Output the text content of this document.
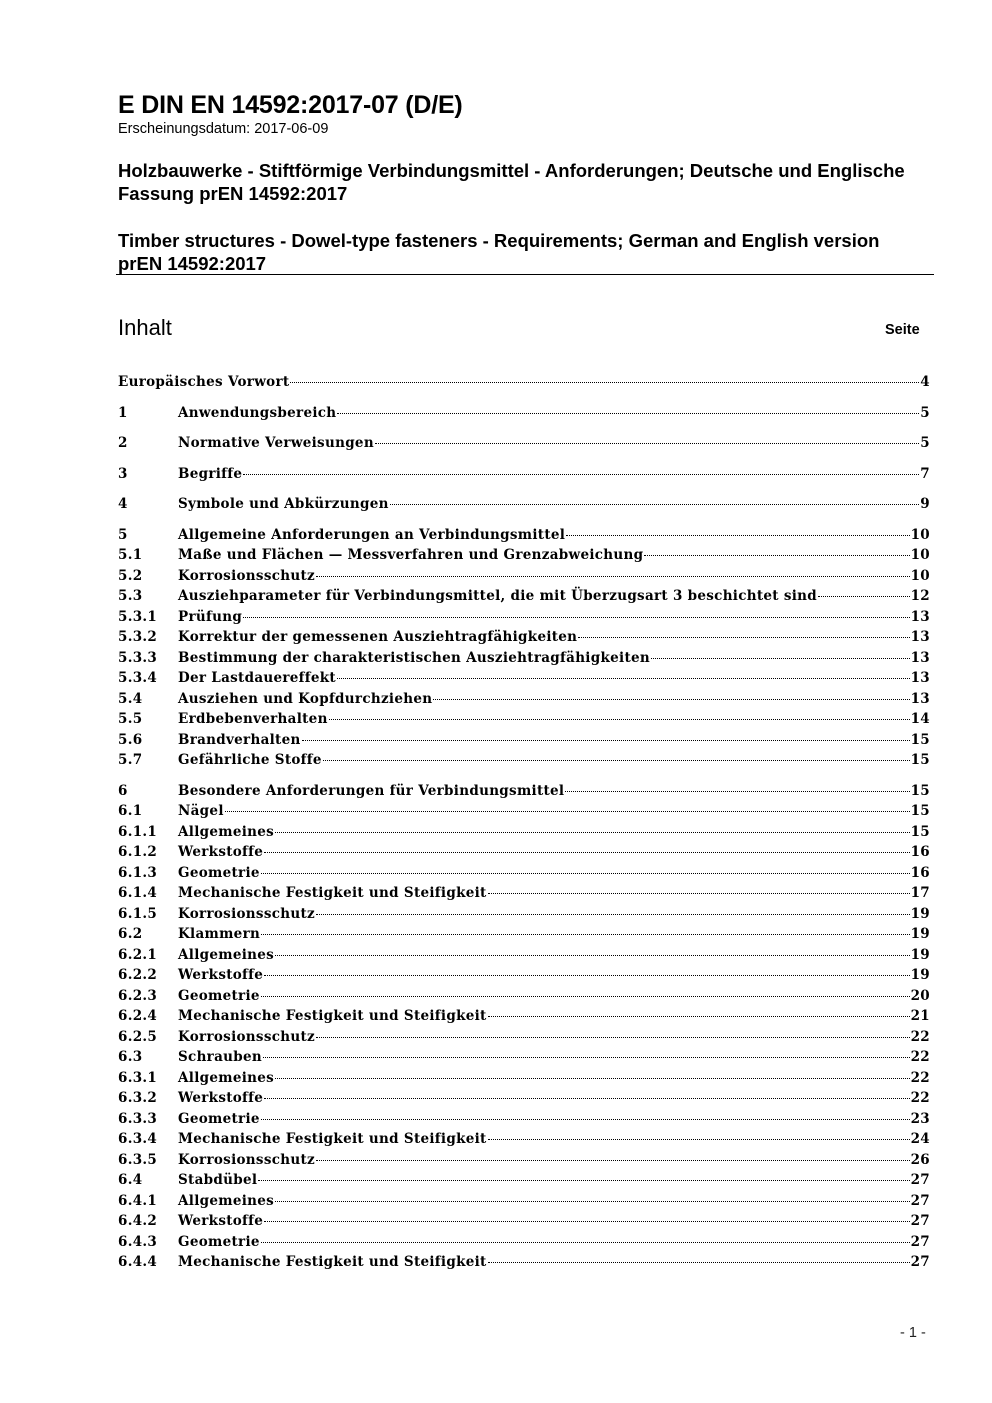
E DIN EN 14592:2017-07 (D/E)
Erscheinungsdatum: 2017-06-09
Holzbauwerke - Stiftförmige Verbindungsmittel - Anforderungen; Deutsche und Englische Fassung prEN 14592:2017
Timber structures - Dowel-type fasteners - Requirements; German and English version prEN 14592:2017
Inhalt	Seite
Europäisches Vorwort	4
1	Anwendungsbereich	5
2	Normative Verweisungen	5
3	Begriffe	7
4	Symbole und Abkürzungen	9
5	Allgemeine Anforderungen an Verbindungsmittel	10
5.1	Maße und Flächen — Messverfahren und Grenzabweichung	10
5.2	Korrosionsschutz	10
5.3	Ausziehparameter für Verbindungsmittel, die mit Überzugsart 3 beschichtet sind	12
5.3.1 Prüfung	13
5.3.2 Korrektur der gemessenen Ausziehtragfähigkeiten	13
5.3.3 Bestimmung der charakteristischen Ausziehtragfähigkeiten	13
5.3.4 Der Lastdauereffekt	13
5.4	Ausziehen und Kopfdurchziehen	13
5.5	Erdbebenverhalten	14
5.6	Brandverhalten	15
5.7	Gefährliche Stoffe	15
6	Besondere Anforderungen für Verbindungsmittel	15
6.1	Nägel	15
6.1.1 Allgemeines	15
6.1.2 Werkstoffe	16
6.1.3 Geometrie	16
6.1.4 Mechanische Festigkeit und Steifigkeit	17
6.1.5 Korrosionsschutz	19
6.2	Klammern	19
6.2.1 Allgemeines	19
6.2.2 Werkstoffe	19
6.2.3 Geometrie	20
6.2.4 Mechanische Festigkeit und Steifigkeit	21
6.2.5 Korrosionsschutz	22
6.3	Schrauben	22
6.3.1 Allgemeines	22
6.3.2 Werkstoffe	22
6.3.3 Geometrie	23
6.3.4 Mechanische Festigkeit und Steifigkeit	24
6.3.5 Korrosionsschutz	26
6.4	Stabdübel	27
6.4.1 Allgemeines	27
6.4.2 Werkstoffe	27
6.4.3 Geometrie	27
6.4.4 Mechanische Festigkeit und Steifigkeit	27
- 1 -
